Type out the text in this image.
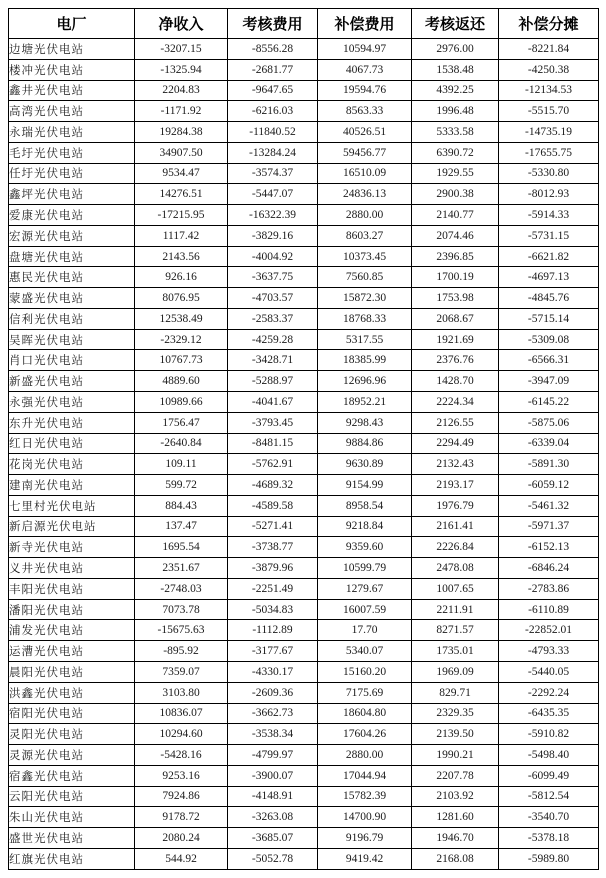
电厂	净收入	考核费用	补偿费用	考核返还	补偿分摊
边塘光伏电站	-3207.15	-8556.28	10594.97	2976.00	-8221.84
楼冲光伏电站	-1325.94	-2681.77	4067.73	1538.48	-4250.38
鑫井光伏电站	2204.83	-9647.65	19594.76	4392.25	-12134.53
高湾光伏电站	-1171.92	-6216.03	8563.33	1996.48	-5515.70
永瑞光伏电站	19284.38	-11840.52	40526.51	5333.58	-14735.19
毛圩光伏电站	34907.50	-13284.24	59456.77	6390.72	-17655.75
任圩光伏电站	9534.47	-3574.37	16510.09	1929.55	-5330.80
鑫坪光伏电站	14276.51	-5447.07	24836.13	2900.38	-8012.93
爱康光伏电站	-17215.95	-16322.39	2880.00	2140.77	-5914.33
宏源光伏电站	1117.42	-3829.16	8603.27	2074.46	-5731.15
盘塘光伏电站	2143.56	-4004.92	10373.45	2396.85	-6621.82
惠民光伏电站	926.16	-3637.75	7560.85	1700.19	-4697.13
蒙盛光伏电站	8076.95	-4703.57	15872.30	1753.98	-4845.76
信利光伏电站	12538.49	-2583.37	18768.33	2068.67	-5715.14
吴晖光伏电站	-2329.12	-4259.28	5317.55	1921.69	-5309.08
肖口光伏电站	10767.73	-3428.71	18385.99	2376.76	-6566.31
新盛光伏电站	4889.60	-5288.97	12696.96	1428.70	-3947.09
永强光伏电站	10989.66	-4041.67	18952.21	2224.34	-6145.22
东升光伏电站	1756.47	-3793.45	9298.43	2126.55	-5875.06
红日光伏电站	-2640.84	-8481.15	9884.86	2294.49	-6339.04
花岗光伏电站	109.11	-5762.91	9630.89	2132.43	-5891.30
建南光伏电站	599.72	-4689.32	9154.99	2193.17	-6059.12
七里村光伏电站	884.43	-4589.58	8958.54	1976.79	-5461.32
新启源光伏电站	137.47	-5271.41	9218.84	2161.41	-5971.37
新寺光伏电站	1695.54	-3738.77	9359.60	2226.84	-6152.13
义井光伏电站	2351.67	-3879.96	10599.79	2478.08	-6846.24
丰阳光伏电站	-2748.03	-2251.49	1279.67	1007.65	-2783.86
潘阳光伏电站	7073.78	-5034.83	16007.59	2211.91	-6110.89
浦发光伏电站	-15675.63	-1112.89	17.70	8271.57	-22852.01
运漕光伏电站	-895.92	-3177.67	5340.07	1735.01	-4793.33
晨阳光伏电站	7359.07	-4330.17	15160.20	1969.09	-5440.05
洪鑫光伏电站	3103.80	-2609.36	7175.69	829.71	-2292.24
宿阳光伏电站	10836.07	-3662.73	18604.80	2329.35	-6435.35
灵阳光伏电站	10294.60	-3538.34	17604.26	2139.50	-5910.82
灵源光伏电站	-5428.16	-4799.97	2880.00	1990.21	-5498.40
宿鑫光伏电站	9253.16	-3900.07	17044.94	2207.78	-6099.49
云阳光伏电站	7924.86	-4148.91	15782.39	2103.92	-5812.54
朱山光伏电站	9178.72	-3263.08	14700.90	1281.60	-3540.70
盛世光伏电站	2080.24	-3685.07	9196.79	1946.70	-5378.18
红旗光伏电站	544.92	-5052.78	9419.42	2168.08	-5989.80
